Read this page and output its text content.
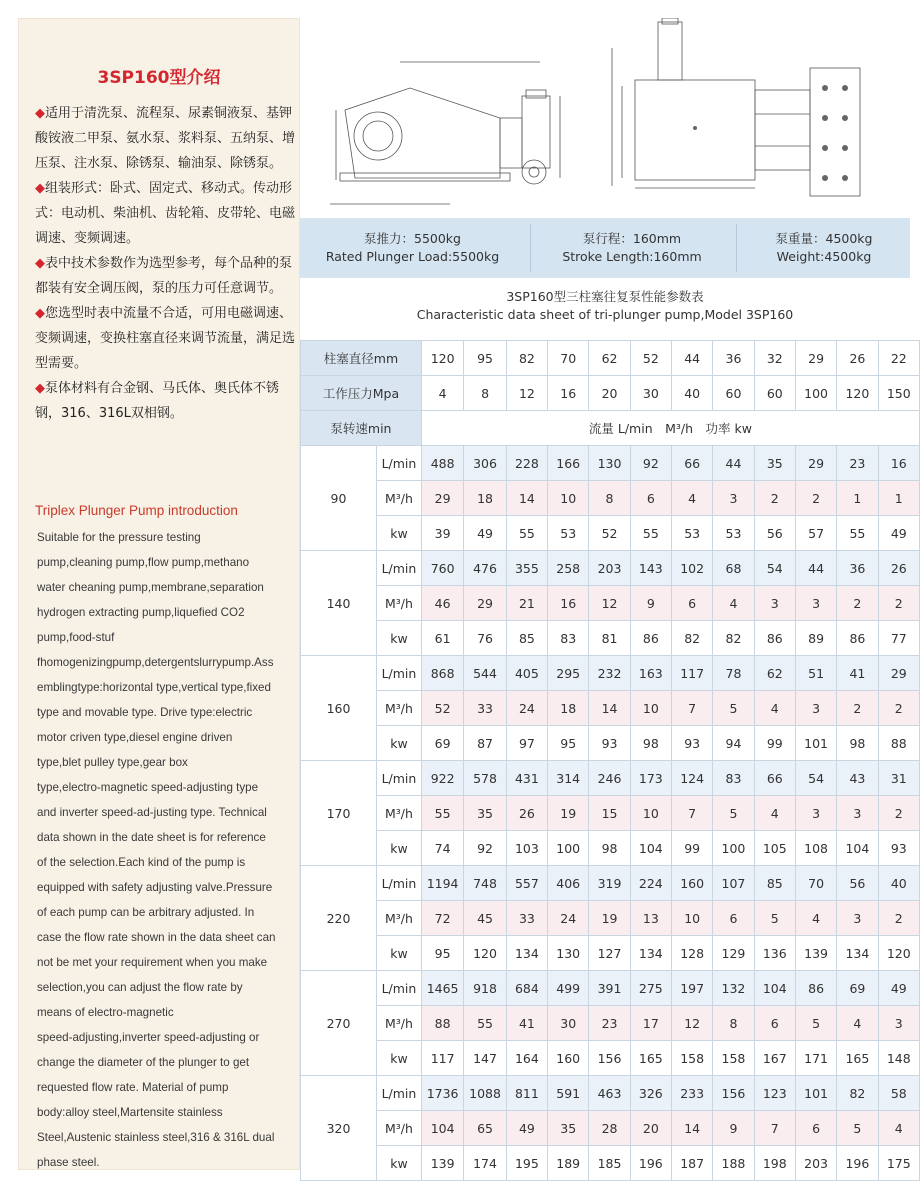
3SP160型介绍

◆适用于清洗泵、流程泵、尿素铜液泵、基钾酸铵液二甲泵、氨水泵、浆料泵、五纳泵、增压泵、注水泵、除锈泵、输油泵、除锈泵。

◆组装形式：卧式、固定式、移动式。传动形式：电动机、柴油机、齿轮箱、皮带轮、电磁调速、变频调速。

◆表中技术参数作为选型参考，每个品种的泵都装有安全调压阀，泵的压力可任意调节。

◆您选型时表中流量不合适，可用电磁调速、变频调速，变换柱塞直径来调节流量，满足选型需要。

◆泵体材料有合金钢、马氏体、奥氏体不锈钢，316、316L双相钢。

Triplex Plunger Pump introduction
Suitable for the pressure testing
pump,cleaning pump,flow pump,methano
water cheaning pump,membrane,separation
hydrogen extracting pump,liquefied CO2
pump,food-stuf
fhomogenizingpump,detergentslurrypump.Ass
emblingtype:horizontal type,vertical type,fixed
type and movable type. Drive type:electric
motor criven type,diesel engine driven
type,blet pulley type,gear box
type,electro-magnetic speed-adjusting type
and inverter speed-ad-justing type. Technical
data shown in the date sheet is for reference
of the selection.Each kind of the pump is
equipped with safety adjusting valve.Pressure
of each pump can be arbitrary adjusted. In
case the flow rate shown in the data sheet can
not be met your requirement when you make
selection,you can adjust the flow rate by
means of electro-magnetic
speed-adjusting,inverter speed-adjusting or
change the diameter of the plunger to get
requested flow rate. Material of pump
body:alloy steel,Martensite stainless
Steel,Austenic stainless steel,316 & 316L dual
phase steel.
泵推力：5500kg
Rated Plunger Load:5500kg
泵行程：160mm
Stroke Length:160mm
泵重量：4500kg
Weight:4500kg
3SP160型三柱塞往复泵性能参数表
Characteristic data sheet of tri-plunger pump,Model 3SP160
柱塞直径mm		120	95	82	70	62	52	44	36	32	29	26	22
工作压力Mpa		4	8	12	16	20	30	40	60	60	100	120	150
泵转速min		流量 L/min　M³/h　功率 kw											
90	L/min	488	306	228	166	130	92	66	44	35	29	23	16
	M³/h	29	18	14	10	8	6	4	3	2	2	1	1
	kw	39	49	55	53	52	55	53	53	56	57	55	49
140	L/min	760	476	355	258	203	143	102	68	54	44	36	26
	M³/h	46	29	21	16	12	9	6	4	3	3	2	2
	kw	61	76	85	83	81	86	82	82	86	89	86	77
160	L/min	868	544	405	295	232	163	117	78	62	51	41	29
	M³/h	52	33	24	18	14	10	7	5	4	3	2	2
	kw	69	87	97	95	93	98	93	94	99	101	98	88
170	L/min	922	578	431	314	246	173	124	83	66	54	43	31
	M³/h	55	35	26	19	15	10	7	5	4	3	3	2
	kw	74	92	103	100	98	104	99	100	105	108	104	93
220	L/min	1194	748	557	406	319	224	160	107	85	70	56	40
	M³/h	72	45	33	24	19	13	10	6	5	4	3	2
	kw	95	120	134	130	127	134	128	129	136	139	134	120
270	L/min	1465	918	684	499	391	275	197	132	104	86	69	49
	M³/h	88	55	41	30	23	17	12	8	6	5	4	3
	kw	117	147	164	160	156	165	158	158	167	171	165	148
320	L/min	1736	1088	811	591	463	326	233	156	123	101	82	58
	M³/h	104	65	49	35	28	20	14	9	7	6	5	4
	kw	139	174	195	189	185	196	187	188	198	203	196	175
